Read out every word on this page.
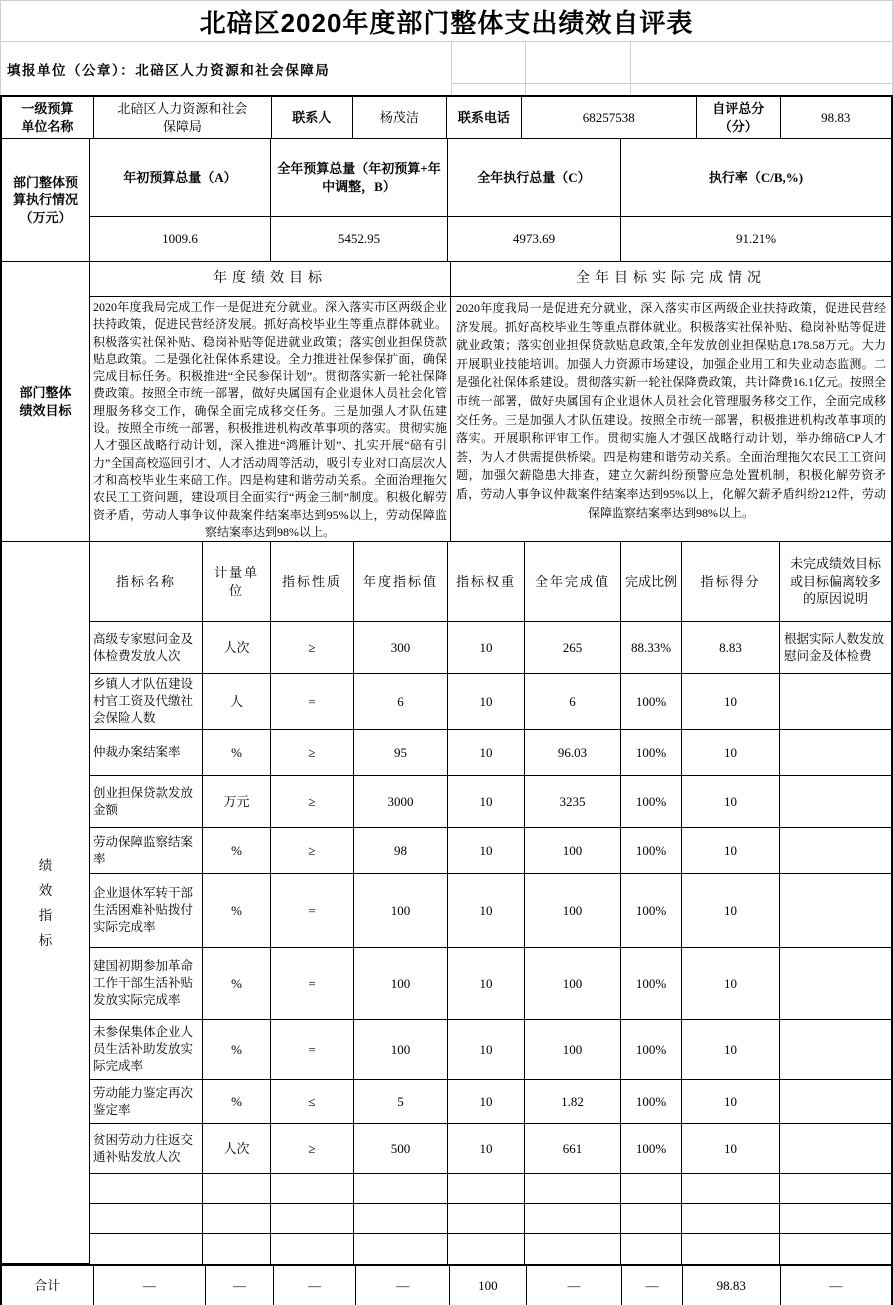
北碚区2020年度部门整体支出绩效自评表
填报单位（公章）：北碚区人力资源和社会保障局
一级预算单位名称
北碚区人力资源和社会保障局
联系人	杨茂洁	联系电话	68257538
自评总分（分）
98.83
部门整体预算执行情况（万元）
年初预算总量（A）
全年预算总量（年初预算+年中调整，B）
全年执行总量（C）	执行率（C/B,%)
1009.6	5452.95	4973.69	91.21%
部门整体绩效目标
年度绩效目标
2020年度我局完成工作一是促进充分就业。深入落实市区两级企业扶持政策，促进民营经济发展。抓好高校毕业生等重点群体就业。积极落实社保补贴、稳岗补贴等促进就业政策；落实创业担保贷款贴息政策。二是强化社保体系建设。全力推进社保参保扩面，确保完成目标任务。积极推进“全民参保计划”。贯彻落实新一轮社保降费政策。按照全市统一部署，做好央属国有企业退休人员社会化管理服务移交工作，确保全面完成移交任务。三是加强人才队伍建设。按照全市统一部署，积极推进机构改革事项的落实。贯彻实施人才强区战略行动计划，深入推进“鸿雁计划”、扎实开展“碚有引力”全国高校巡回引才、人才活动周等活动，吸引专业对口高层次人才和高校毕业生来碚工作。四是构建和谐劳动关系。全面治理拖欠农民工工资问题，建设项目全面实行“两金三制”制度。积极化解劳资矛盾，劳动人事争议仲裁案件结案率达到95%以上，劳动保障监察结案率达到98%以上。
全年目标实际完成情况
2020年度我局一是促进充分就业，深入落实市区两级企业扶持政策，促进民营经济发展。抓好高校毕业生等重点群体就业。积极落实社保补贴、稳岗补贴等促进就业政策；落实创业担保贷款贴息政策,全年发放创业担保贴息178.58万元。大力开展职业技能培训。加强人力资源市场建设，加强企业用工和失业动态监测。二是强化社保体系建设。贯彻落实新一轮社保降费政策，共计降费16.1亿元。按照全市统一部署，做好央属国有企业退休人员社会化管理服务移交工作，全面完成移交任务。三是加强人才队伍建设。按照全市统一部署，积极推进机构改革事项的落实。开展职称评审工作。贯彻实施人才强区战略行动计划，举办绵碚CP人才荟，为人才供需提供桥梁。四是构建和谐劳动关系。全面治理拖欠农民工工资问题，加强欠薪隐患大排查，建立欠薪纠纷预警应急处置机制，积极化解劳资矛盾，劳动人事争议仲裁案件结案率达到95%以上，化解欠薪矛盾纠纷212件，劳动保障监察结案率达到98%以上。
绩效指标
指标名称
计量单位
指标性质	年度指标值	指标权重	全年完成值	完成比例	指标得分
未完成绩效目标或目标偏离较多的原因说明
高级专家慰问金及体检费发放人次
人次	≥	300	10	265	88.33%	8.83
根据实际人数发放慰问金及体检费
乡镇人才队伍建设村官工资及代缴社会保险人数
人	=	6	10	6	100%	10
仲裁办案结案率	%	≥	95	10	96.03	100%	10
创业担保贷款发放金额
万元	≥	3000	10	3235	100%	10
劳动保障监察结案率
%	≥	98	10	100	100%	10
企业退休军转干部生活困难补贴拨付实际完成率
%	=	100	10	100	100%	10
建国初期参加革命工作干部生活补贴发放实际完成率
%	=	100	10	100	100%	10
未参保集体企业人员生活补助发放实际完成率
%	=	100	10	100	100%	10
劳动能力鉴定再次鉴定率
%	≤	5	10	1.82	100%	10
贫困劳动力往返交通补贴发放人次
人次	≥	500	10	661	100%	10
合计	—	—	—	—	100	—	—	98.83	—
